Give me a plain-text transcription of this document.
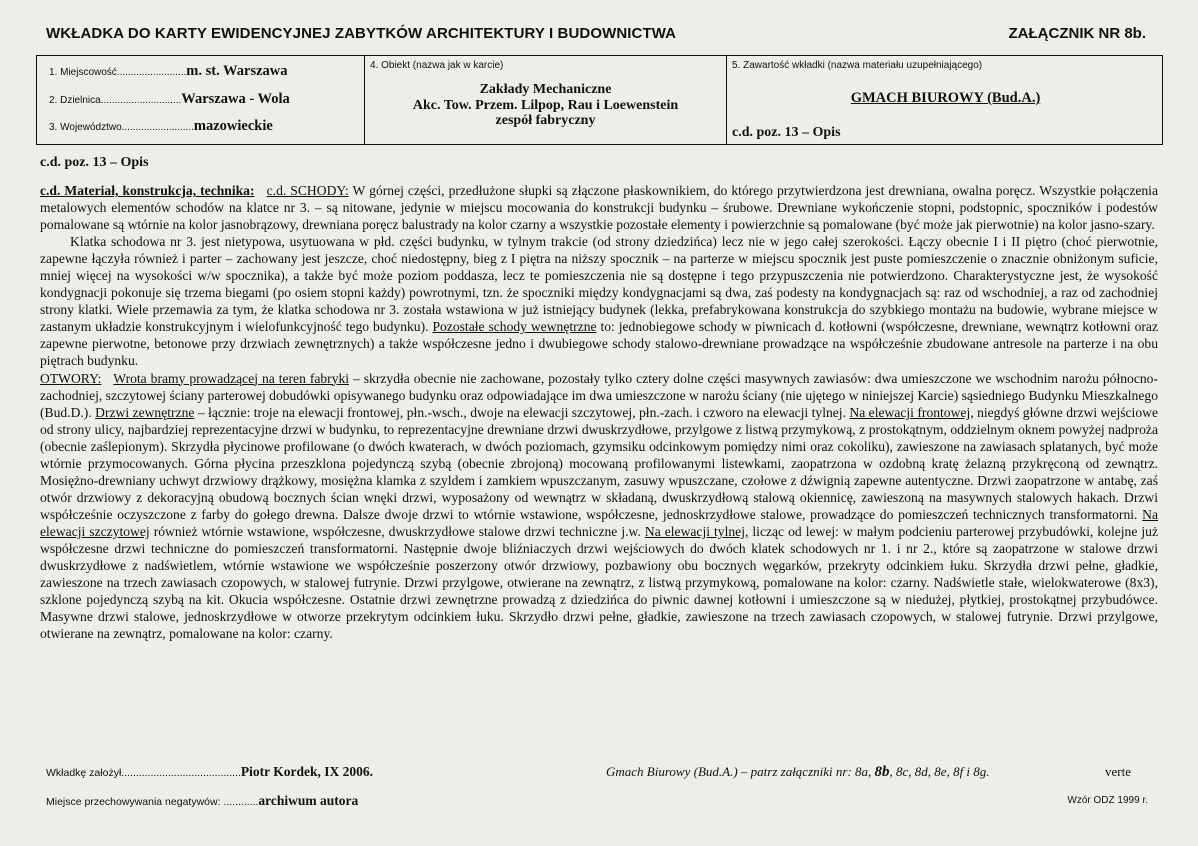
WKŁADKA DO KARTY EWIDENCYJNEJ ZABYTKÓW ARCHITEKTURY I BUDOWNICTWA	ZAŁĄCZNIK NR 8b.
1. Miejscowość.........................m. st. Warszawa
2. Dzielnica.............................Warszawa - Wola
3. Województwo..........................mazowieckie
4. Obiekt (nazwa jak w karcie)
Zakłady Mechaniczne
Akc. Tow. Przem. Lilpop, Rau i Loewenstein
zespół fabryczny
5. Zawartość wkładki (nazwa materiału uzupełniającego)
GMACH BIUROWY (Bud.A.)
c.d. poz. 13 – Opis
c.d. poz. 13 – Opis

c.d. Materiał, konstrukcja, technika: c.d. SCHODY: W górnej części, przedłużone słupki są złączone płaskownikiem, do którego przytwierdzona jest drewniana, owalna poręcz. Wszystkie połączenia metalowych elementów schodów na klatce nr 3. – są nitowane, jedynie w miejscu mocowania do konstrukcji budynku – śrubowe. Drewniane wykończenie stopni, podstopnic, spoczników i podestów pomalowane są wtórnie na kolor jasnobrązowy, drewniana poręcz balustrady na kolor czarny a wszystkie pozostałe elementy i powierzchnie są pomalowane (być może jak pierwotnie) na kolor jasno-szary.

Klatka schodowa nr 3. jest nietypowa, usytuowana w płd. części budynku, w tylnym trakcie (od strony dziedzińca) lecz nie w jego całej szerokości. Łączy obecnie I i II piętro (choć pierwotnie, zapewne łączyła również i parter – zachowany jest jeszcze, choć niedostępny, bieg z I piętra na niższy spocznik – na parterze w miejscu spocznik jest puste pomieszczenie o znacznie obniżonym suficie, mniej więcej na wysokości w/w spocznika), a także być może poziom poddasza, lecz te pomieszczenia nie są dostępne i tego przypuszczenia nie potwierdzono. Charakterystyczne jest, że wysokość kondygnacji pokonuje się trzema biegami (po osiem stopni każdy) powrotnymi, tzn. że spoczniki między kondygnacjami są dwa, zaś podesty na kondygnacjach są: raz od wschodniej, a raz od zachodniej strony klatki. Wiele przemawia za tym, że klatka schodowa nr 3. została wstawiona w już istniejący budynek (lekka, prefabrykowana konstrukcja do szybkiego montażu na budowie, wybrane miejsce w zastanym układzie konstrukcyjnym i wielofunkcyjność tego budynku). Pozostałe schody wewnętrzne to: jednobiegowe schody w piwnicach d. kotłowni (współczesne, drewniane, wewnątrz kotłowni oraz zapewne pierwotne, betonowe przy drzwiach zewnętrznych) a także współczesne jedno i dwubiegowe schody stalowo-drewniane prowadzące na współcześnie zbudowane antresole na parterze i na obu piętrach budynku.

OTWORY: Wrota bramy prowadzącej na teren fabryki – skrzydła obecnie nie zachowane, pozostały tylko cztery dolne części masywnych zawiasów: dwa umieszczone we wschodnim narożu północno-zachodniej, szczytowej ściany parterowej dobudówki opisywanego budynku oraz odpowiadające im dwa umieszczone w narożu ściany (nie ujętego w niniejszej Karcie) sąsiedniego Budynku Mieszkalnego (Bud.D.). Drzwi zewnętrzne – łącznie: troje na elewacji frontowej, płn.-wsch., dwoje na elewacji szczytowej, płn.-zach. i czworo na elewacji tylnej. Na elewacji frontowej, niegdyś główne drzwi wejściowe od strony ulicy, najbardziej reprezentacyjne drzwi w budynku, to reprezentacyjne drewniane drzwi dwuskrzydłowe, przylgowe z listwą przymykową, z prostokątnym, oddzielnym oknem powyżej nadproża (obecnie zaślepionym). Skrzydła płycinowe profilowane (o dwóch kwaterach, w dwóch poziomach, gzymsiku odcinkowym pomiędzy nimi oraz cokoliku), zawieszone na zawiasach splatanych, być może wtórnie przymocowanych. Górna płycina przeszklona pojedynczą szybą (obecnie zbrojoną) mocowaną profilowanymi listewkami, zaopatrzona w ozdobną kratę żelazną przykręconą od zewnątrz. Mosiężno-drewniany uchwyt drzwiowy drążkowy, mosiężna klamka z szyldem i zamkiem wpuszczanym, zasuwy wpuszczane, czołowe z dźwignią zapewne autentyczne. Drzwi zaopatrzone w antabę, zaś otwór drzwiowy z dekoracyjną obudową bocznych ścian wnęki drzwi, wyposażony od wewnątrz w składaną, dwuskrzydłową stalową okiennicę, zawieszoną na masywnych stalowych hakach. Drzwi współcześnie oczyszczone z farby do gołego drewna. Dalsze dwoje drzwi to wtórnie wstawione, współczesne, jednoskrzydłowe stalowe, prowadzące do pomieszczeń technicznych transformatorni. Na elewacji szczytowej również wtórnie wstawione, współczesne, dwuskrzydłowe stalowe drzwi techniczne j.w. Na elewacji tylnej, licząc od lewej: w małym podcieniu parterowej przybudówki, kolejne już współczesne drzwi techniczne do pomieszczeń transformatorni. Następnie dwoje bliźniaczych drzwi wejściowych do dwóch klatek schodowych nr 1. i nr 2., które są zaopatrzone w stalowe drzwi dwuskrzydłowe z nadświetlem, wtórnie wstawione we współcześnie poszerzony otwór drzwiowy, pozbawiony obu bocznych węgarków, przekryty odcinkiem łuku. Skrzydła drzwi pełne, gładkie, zawieszone na trzech zawiasach czopowych, w stalowej futrynie. Drzwi przylgowe, otwierane na zewnątrz, z listwą przymykową, pomalowane na kolor: czarny. Nadświetle stałe, wielokwaterowe (8x3), szklone pojedynczą szybą na kit. Okucia współczesne. Ostatnie drzwi zewnętrzne prowadzą z dziedzińca do piwnic dawnej kotłowni i umieszczone są w niedużej, płytkiej, prostokątnej przybudówce. Masywne drzwi stalowe, jednoskrzydłowe w otworze przekrytym odcinkiem łuku. Skrzydło drzwi pełne, gładkie, zawieszone na trzech zawiasach czopowych, w stalowej futrynie. Drzwi przylgowe, otwierane na zewnątrz, pomalowane na kolor: czarny.

Wkładkę założył.........................................Piotr Kordek, IX 2006.	Gmach Biurowy (Bud.A.) – patrz załączniki nr: 8a, 8b, 8c, 8d, 8e, 8f i 8g.	verte
Miejsce przechowywania negatywów: ............archiwum autora	Wzór ODZ 1999 r.
